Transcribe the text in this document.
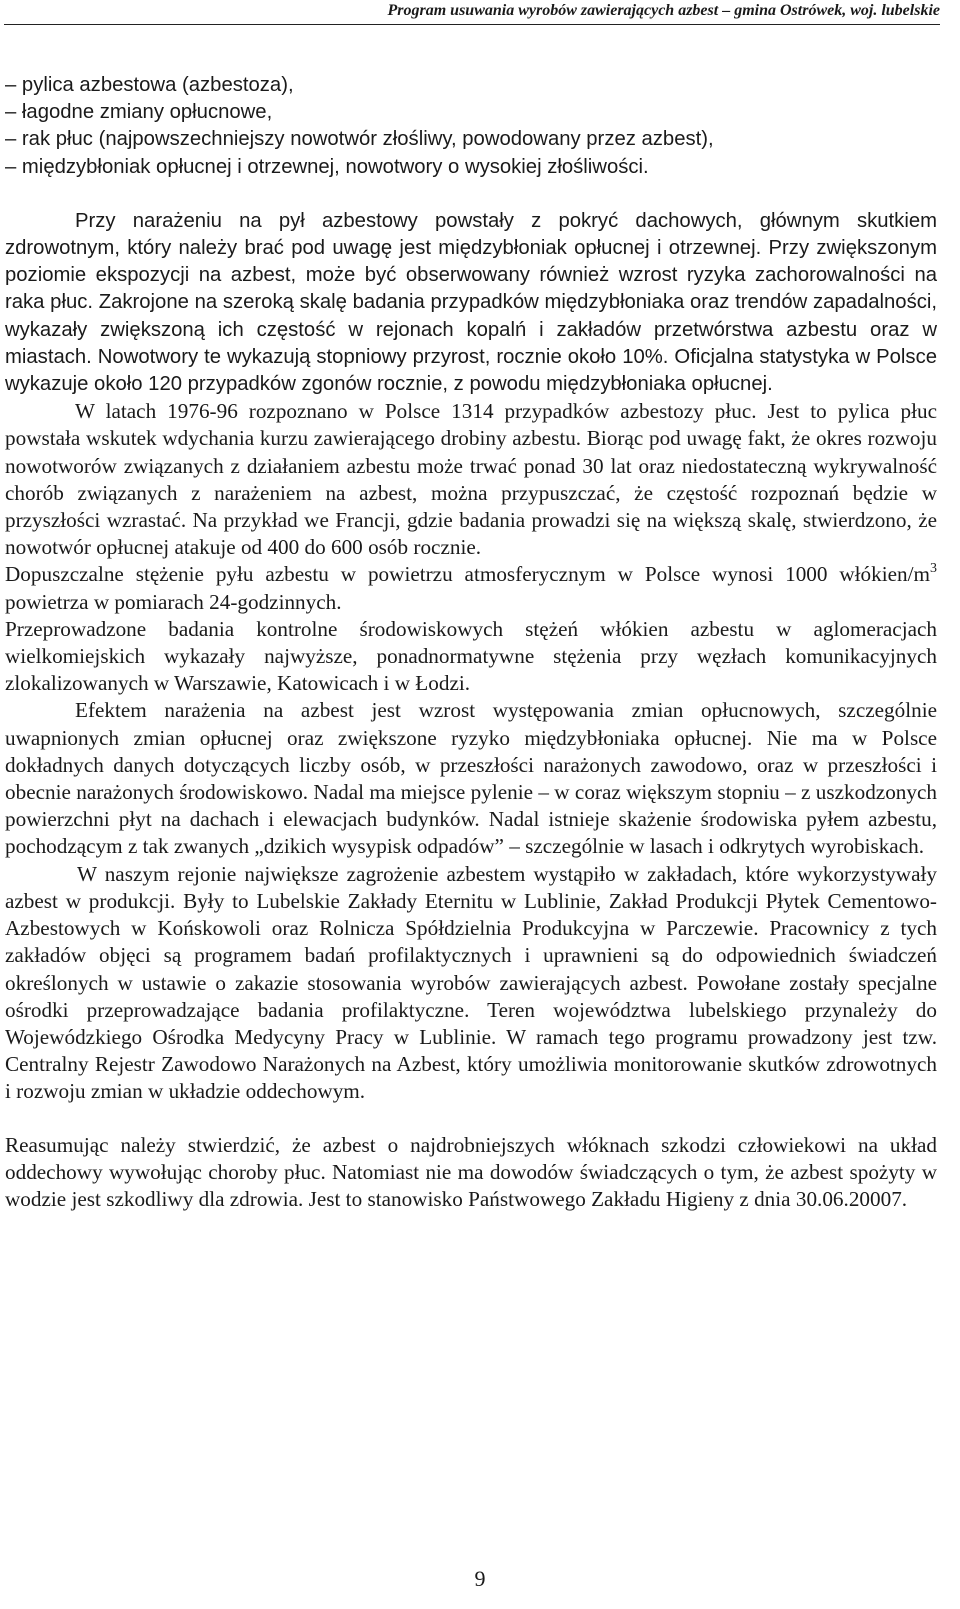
Program usuwania wyrobów zawierających azbest – gmina Ostrówek, woj. lubelskie

– pylica azbestowa (azbestoza),

– łagodne zmiany opłucnowe,

– rak płuc (najpowszechniejszy nowotwór złośliwy, powodowany przez azbest),

– międzybłoniak opłucnej i otrzewnej, nowotwory o wysokiej złośliwości.

Przy narażeniu na pył azbestowy powstały z pokryć dachowych, głównym skutkiem zdrowotnym, który należy brać pod uwagę jest międzybłoniak opłucnej i otrzewnej. Przy zwiększonym poziomie ekspozycji na azbest, może być obserwowany również wzrost ryzyka zachorowalności na raka płuc. Zakrojone na szeroką skalę badania przypadków międzybłoniaka oraz trendów zapadalności, wykazały zwiększoną ich częstość w rejonach kopalń i zakładów przetwórstwa azbestu oraz w miastach. Nowotwory te wykazują stopniowy przyrost, rocznie około 10%. Oficjalna statystyka w Polsce wykazuje około 120 przypadków zgonów rocznie, z powodu międzybłoniaka opłucnej.

W latach 1976-96 rozpoznano w Polsce 1314 przypadków azbestozy płuc. Jest to pylica płuc powstała wskutek wdychania kurzu zawierającego drobiny azbestu. Biorąc pod uwagę fakt, że okres rozwoju nowotworów związanych z działaniem azbestu może trwać ponad 30 lat oraz niedostateczną wykrywalność chorób związanych z narażeniem na azbest, można przypuszczać, że częstość rozpoznań będzie w przyszłości wzrastać. Na przykład we Francji, gdzie badania prowadzi się na większą skalę, stwierdzono, że nowotwór opłucnej atakuje od 400 do 600 osób rocznie.

Dopuszczalne stężenie pyłu azbestu w powietrzu atmosferycznym w Polsce wynosi 1000 włókien/$m^3$ powietrza w pomiarach 24-godzinnych.

Przeprowadzone badania kontrolne środowiskowych stężeń włókien azbestu w aglomeracjach wielkomiejskich wykazały najwyższe, ponadnormatywne stężenia przy węzłach komunikacyjnych zlokalizowanych w Warszawie, Katowicach i w Łodzi.

Efektem narażenia na azbest jest wzrost występowania zmian opłucnowych, szczególnie uwapnionych zmian opłucnej oraz zwiększone ryzyko międzybłoniaka opłucnej. Nie ma w Polsce dokładnych danych dotyczących liczby osób, w przeszłości narażonych zawodowo, oraz w przeszłości i obecnie narażonych środowiskowo. Nadal ma miejsce pylenie – w coraz większym stopniu – z uszkodzonych powierzchni płyt na dachach i elewacjach budynków. Nadal istnieje skażenie środowiska pyłem azbestu, pochodzącym z tak zwanych „dzikich wysypisk odpadów” – szczególnie w lasach i odkrytych wyrobiskach.

W naszym rejonie największe zagrożenie azbestem wystąpiło w zakładach, które wykorzystywały azbest w produkcji. Były to Lubelskie Zakłady Eternitu w Lublinie, Zakład Produkcji Płytek Cementowo-Azbestowych w Końskowoli oraz Rolnicza Spółdzielnia Produkcyjna w Parczewie. Pracownicy z tych zakładów objęci są programem badań profilaktycznych i uprawnieni są do odpowiednich świadczeń określonych w ustawie o zakazie stosowania wyrobów zawierających azbest. Powołane zostały specjalne ośrodki przeprowadzające badania profilaktyczne. Teren województwa lubelskiego przynależy do Wojewódzkiego Ośrodka Medycyny Pracy w Lublinie. W ramach tego programu prowadzony jest tzw. Centralny Rejestr Zawodowo Narażonych na Azbest, który umożliwia monitorowanie skutków zdrowotnych i rozwoju zmian w układzie oddechowym.

Reasumując należy stwierdzić, że azbest o najdrobniejszych włóknach szkodzi człowiekowi na układ oddechowy wywołując choroby płuc. Natomiast nie ma dowodów świadczących o tym, że azbest spożyty w wodzie jest szkodliwy dla zdrowia. Jest to stanowisko Państwowego Zakładu Higieny z dnia 30.06.20007.

9
